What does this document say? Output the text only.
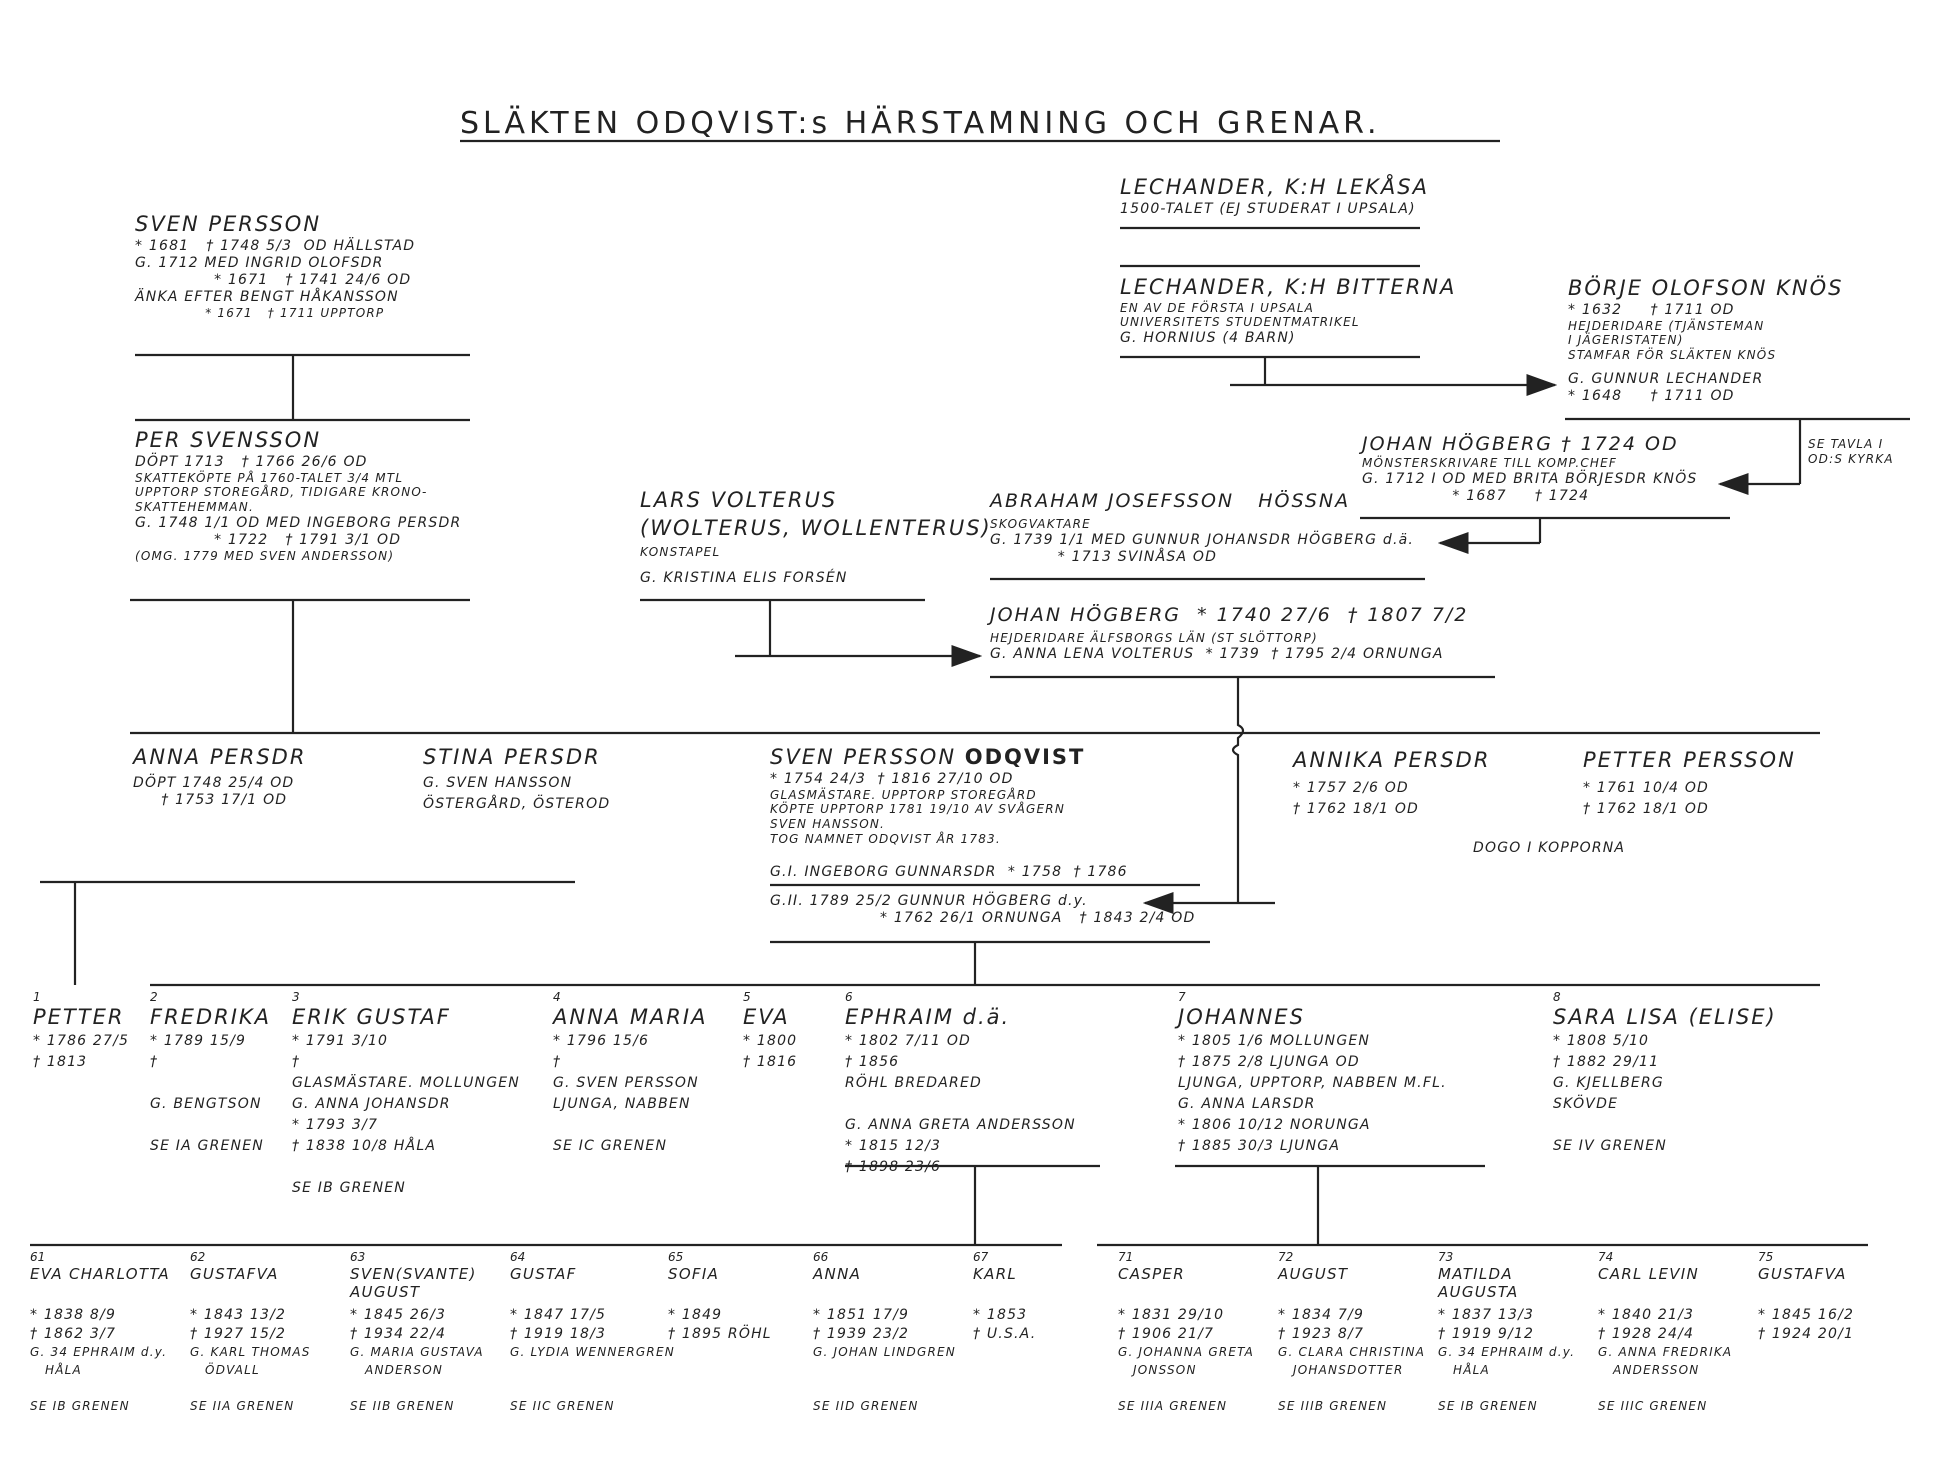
SLÄKTEN ODQVIST:s HÄRSTAMNING OCH GRENAR.
SVEN PERSSON
* 1681   † 1748 5/3  OD HÄLLSTAD
G. 1712 MED INGRID OLOFSDR
* 1671   † 1741 24/6 OD
ÄNKA EFTER BENGT HÅKANSSON
* 1671   † 1711 UPPTORP
PER SVENSSON
DÖPT 1713   † 1766 26/6 OD
SKATTEKÖPTE PÅ 1760-TALET 3/4 MTL
UPPTORP STOREGÅRD, TIDIGARE KRONO-
SKATTEHEMMAN.
G. 1748 1/1 OD MED INGEBORG PERSDR
* 1722   † 1791 3/1 OD
(OMG. 1779 MED SVEN ANDERSSON)
LECHANDER, K:H LEKÅSA
1500-TALET (EJ STUDERAT I UPSALA)
LECHANDER, K:H BITTERNA
EN AV DE FÖRSTA I UPSALA
UNIVERSITETS STUDENTMATRIKEL
G. HORNIUS (4 BARN)
BÖRJE OLOFSON KNÖS
* 1632     † 1711 OD
HEJDERIDARE (TJÄNSTEMAN
I JÄGERISTATEN)
STAMFAR FÖR SLÄKTEN KNÖS
G. GUNNUR LECHANDER
* 1648     † 1711 OD
SE TAVLA I
OD:S KYRKA
JOHAN HÖGBERG † 1724 OD
MÖNSTERSKRIVARE TILL KOMP.CHEF
G. 1712 I OD MED BRITA BÖRJESDR KNÖS
* 1687     † 1724
LARS VOLTERUS
(WOLTERUS, WOLLENTERUS)
KONSTAPEL
G. KRISTINA ELIS FORSÉN
ABRAHAM JOSEFSSON   HÖSSNA
SKOGVAKTARE
G. 1739 1/1 MED GUNNUR JOHANSDR HÖGBERG d.ä.
* 1713 SVINÅSA OD
JOHAN HÖGBERG  * 1740 27/6  † 1807 7/2
HEJDERIDARE ÄLFSBORGS LÄN (ST SLÖTTORP)
G. ANNA LENA VOLTERUS  * 1739  † 1795 2/4 ORNUNGA
ANNA PERSDR
DÖPT 1748 25/4 OD
† 1753 17/1 OD
STINA PERSDR
G. SVEN HANSSON
ÖSTERGÅRD, ÖSTEROD
SVEN PERSSON ODQVIST
* 1754 24/3  † 1816 27/10 OD
GLASMÄSTARE. UPPTORP STOREGÅRD
KÖPTE UPPTORP 1781 19/10 AV SVÅGERN
SVEN HANSSON.
TOG NAMNET ODQVIST ÅR 1783.
G.I. INGEBORG GUNNARSDR  * 1758  † 1786
G.II. 1789 25/2 GUNNUR HÖGBERG d.y.
* 1762 26/1 ORNUNGA   † 1843 2/4 OD
ANNIKA PERSDR
* 1757 2/6 OD
† 1762 18/1 OD
PETTER PERSSON
* 1761 10/4 OD
† 1762 18/1 OD
DOGO I KOPPORNA
1
PETTER
* 1786 27/5
† 1813
2
FREDRIKA
* 1789 15/9
†
G. BENGTSON
SE IA GRENEN
3
ERIK GUSTAF
* 1791 3/10
†
GLASMÄSTARE. MOLLUNGEN
G. ANNA JOHANSDR
* 1793 3/7
† 1838 10/8 HÅLA
SE IB GRENEN
4
ANNA MARIA
* 1796 15/6
†
G. SVEN PERSSON
LJUNGA, NABBEN
SE IC GRENEN
5
EVA
* 1800
† 1816
6
EPHRAIM d.ä.
* 1802 7/11 OD
† 1856
RÖHL BREDARED
G. ANNA GRETA ANDERSSON
* 1815 12/3
† 1898 23/6
7
JOHANNES
* 1805 1/6 MOLLUNGEN
† 1875 2/8 LJUNGA OD
LJUNGA, UPPTORP, NABBEN M.FL.
G. ANNA LARSDR
* 1806 10/12 NORUNGA
† 1885 30/3 LJUNGA
8
SARA LISA (ELISE)
* 1808 5/10
† 1882 29/11
G. KJELLBERG
SKÖVDE
SE IV GRENEN
61
EVA CHARLOTTA
* 1838 8/9
† 1862 3/7
G. 34 EPHRAIM d.y.
HÅLA
SE IB GRENEN
62
GUSTAFVA
* 1843 13/2
† 1927 15/2
G. KARL THOMAS
ÖDVALL
SE IIA GRENEN
63
SVEN(SVANTE)
AUGUST
* 1845 26/3
† 1934 22/4
G. MARIA GUSTAVA
ANDERSON
SE IIB GRENEN
64
GUSTAF
* 1847 17/5
† 1919 18/3
G. LYDIA WENNERGREN
SE IIC GRENEN
65
SOFIA
* 1849
† 1895 RÖHL
66
ANNA
* 1851 17/9
† 1939 23/2
G. JOHAN LINDGREN
SE IID GRENEN
67
KARL
* 1853
† U.S.A.
71
CASPER
* 1831 29/10
† 1906 21/7
G. JOHANNA GRETA
JONSSON
SE IIIA GRENEN
72
AUGUST
* 1834 7/9
† 1923 8/7
G. CLARA CHRISTINA
JOHANSDOTTER
SE IIIB GRENEN
73
MATILDA
AUGUSTA
* 1837 13/3
† 1919 9/12
G. 34 EPHRAIM d.y.
HÅLA
SE IB GRENEN
74
CARL LEVIN
* 1840 21/3
† 1928 24/4
G. ANNA FREDRIKA
ANDERSSON
SE IIIC GRENEN
75
GUSTAFVA
* 1845 16/2
† 1924 20/1
